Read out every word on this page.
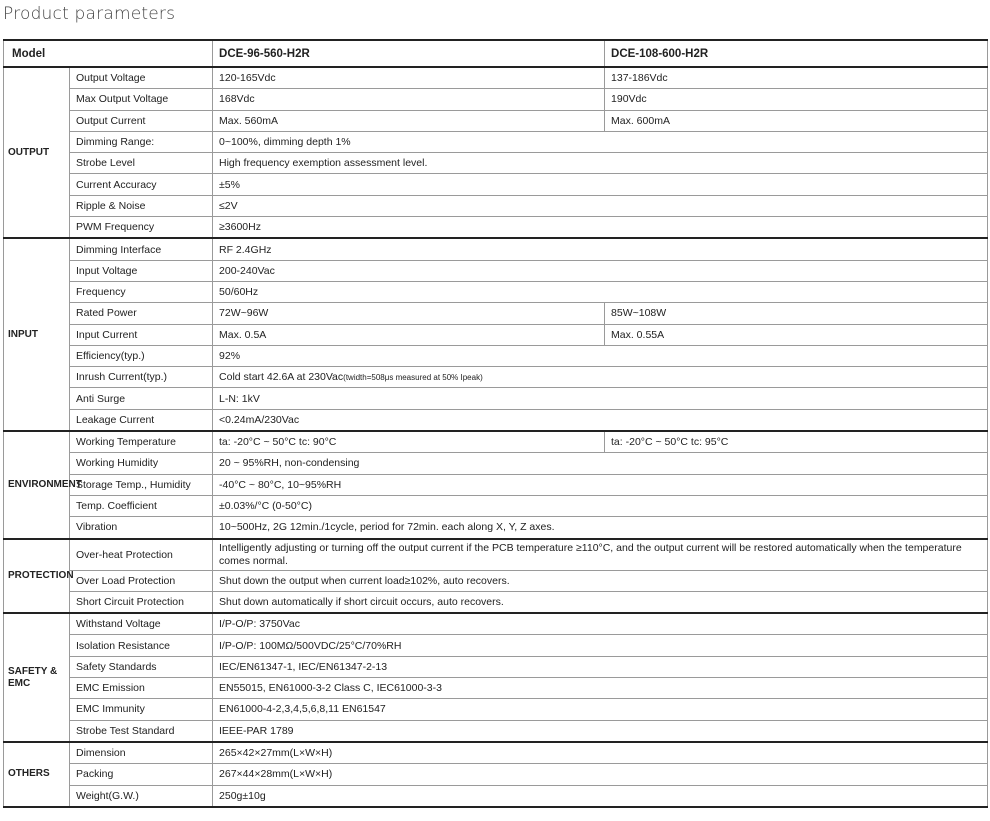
Product parameters
Model		DCE-96-560-H2R	DCE-108-600-H2R
OUTPUT	Output Voltage	120-165Vdc	137-186Vdc
	Max Output Voltage	168Vdc	190Vdc
	Output Current	Max. 560mA	Max. 600mA
	Dimming Range:	0~100%, dimming depth 1%	
	Strobe Level	High frequency exemption assessment level.	
	Current Accuracy	±5%	
	Ripple & Noise	≤2V	
	PWM Frequency	≥3600Hz	
INPUT	Dimming Interface	RF 2.4GHz	
	Input Voltage	200-240Vac	
	Frequency	50/60Hz	
	Rated Power	72W~96W	85W~108W
	Input Current	Max. 0.5A	Max. 0.55A
	Efficiency(typ.)	92%	
	Inrush Current(typ.)	Cold start 42.6A at 230Vac(twidth=508μs measured at 50% Ipeak)	
	Anti Surge	L-N: 1kV	
	Leakage Current	<0.24mA/230Vac	
ENVIRONMENT	Working Temperature	ta: -20°C ~ 50°C tc: 90°C	ta: -20°C ~ 50°C tc: 95°C
	Working Humidity	20 ~ 95%RH, non-condensing	
	Storage Temp., Humidity	-40°C ~ 80°C, 10~95%RH	
	Temp. Coefficient	±0.03%/°C (0-50°C)	
	Vibration	10~500Hz, 2G 12min./1cycle, period for 72min. each along X, Y, Z axes.	
PROTECTION	Over-heat Protection	Intelligently adjusting or turning off the output current if the PCB temperature ≥110°C, and the output current will be restored automatically when the temperature comes normal.	
	Over Load Protection	Shut down the output when current load≥102%, auto recovers.	
	Short Circuit Protection	Shut down automatically if short circuit occurs, auto recovers.	
SAFETY &
EMC	Withstand Voltage	I/P-O/P: 3750Vac	
	Isolation Resistance	I/P-O/P: 100MΩ/500VDC/25°C/70%RH	
	Safety Standards	IEC/EN61347-1, IEC/EN61347-2-13	
	EMC Emission	EN55015, EN61000-3-2 Class C, IEC61000-3-3	
	EMC Immunity	EN61000-4-2,3,4,5,6,8,11 EN61547	
	Strobe Test Standard	IEEE-PAR 1789	
OTHERS	Dimension	265×42×27mm(L×W×H)	
	Packing	267×44×28mm(L×W×H)	
	Weight(G.W.)	250g±10g	
